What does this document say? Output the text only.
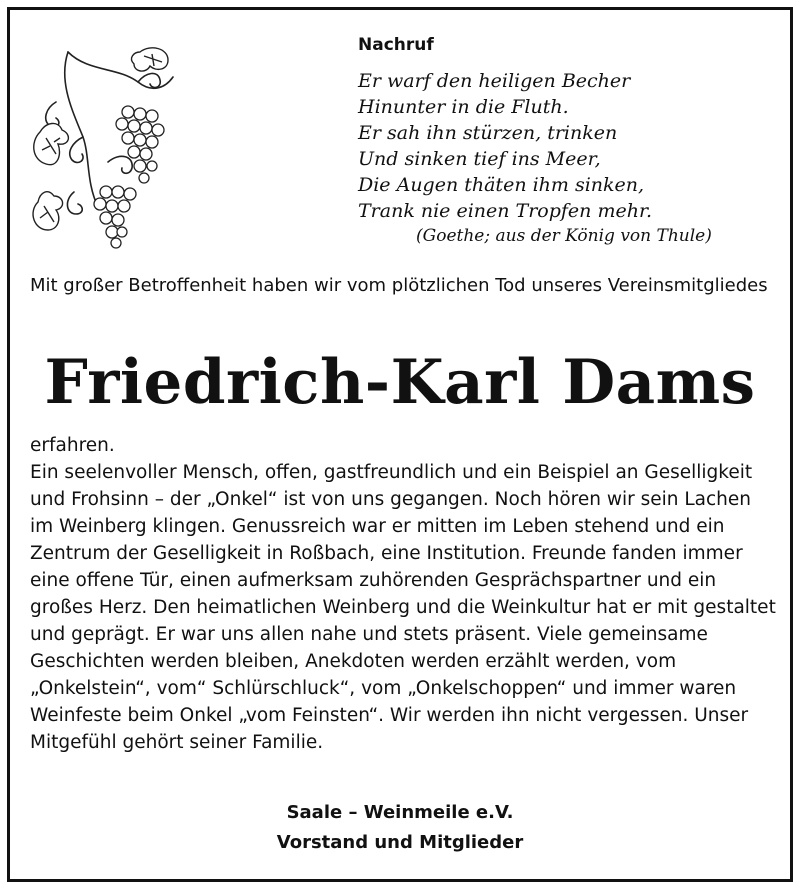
Nachruf

Er warf den heiligen Becher

Hinunter in die Fluth.

Er sah ihn stürzen, trinken

Und sinken tief ins Meer,

Die Augen thäten ihm sinken,

Trank nie einen Tropfen mehr.

(Goethe; aus der König von Thule)

Mit großer Betroffenheit haben wir vom plötzlichen Tod unseres Vereinsmitgliedes

Friedrich-Karl Dams

erfahren.

Ein seelenvoller Mensch, offen, gastfreundlich und ein Beispiel an Geselligkeit und Frohsinn – der „Onkel“ ist von uns gegangen. Noch hören wir sein Lachen im Weinberg klingen. Genussreich war er mitten im Leben stehend und ein Zentrum der Geselligkeit in Roßbach, eine Institution. Freunde fanden immer eine offene Tür, einen aufmerksam zuhörenden Gesprächspartner und ein großes Herz. Den heimatlichen Weinberg und die Weinkultur hat er mit gestaltet und geprägt. Er war uns allen nahe und stets präsent. Viele gemeinsame Geschichten werden bleiben, Anekdoten werden erzählt werden, vom „Onkelstein“, vom“ Schlürschluck“, vom „Onkelschoppen“ und immer waren Weinfeste beim Onkel „vom Feinsten“. Wir werden ihn nicht vergessen. Unser Mitgefühl gehört seiner Familie.

Saale – Weinmeile e.V.
Vorstand und Mitglieder
